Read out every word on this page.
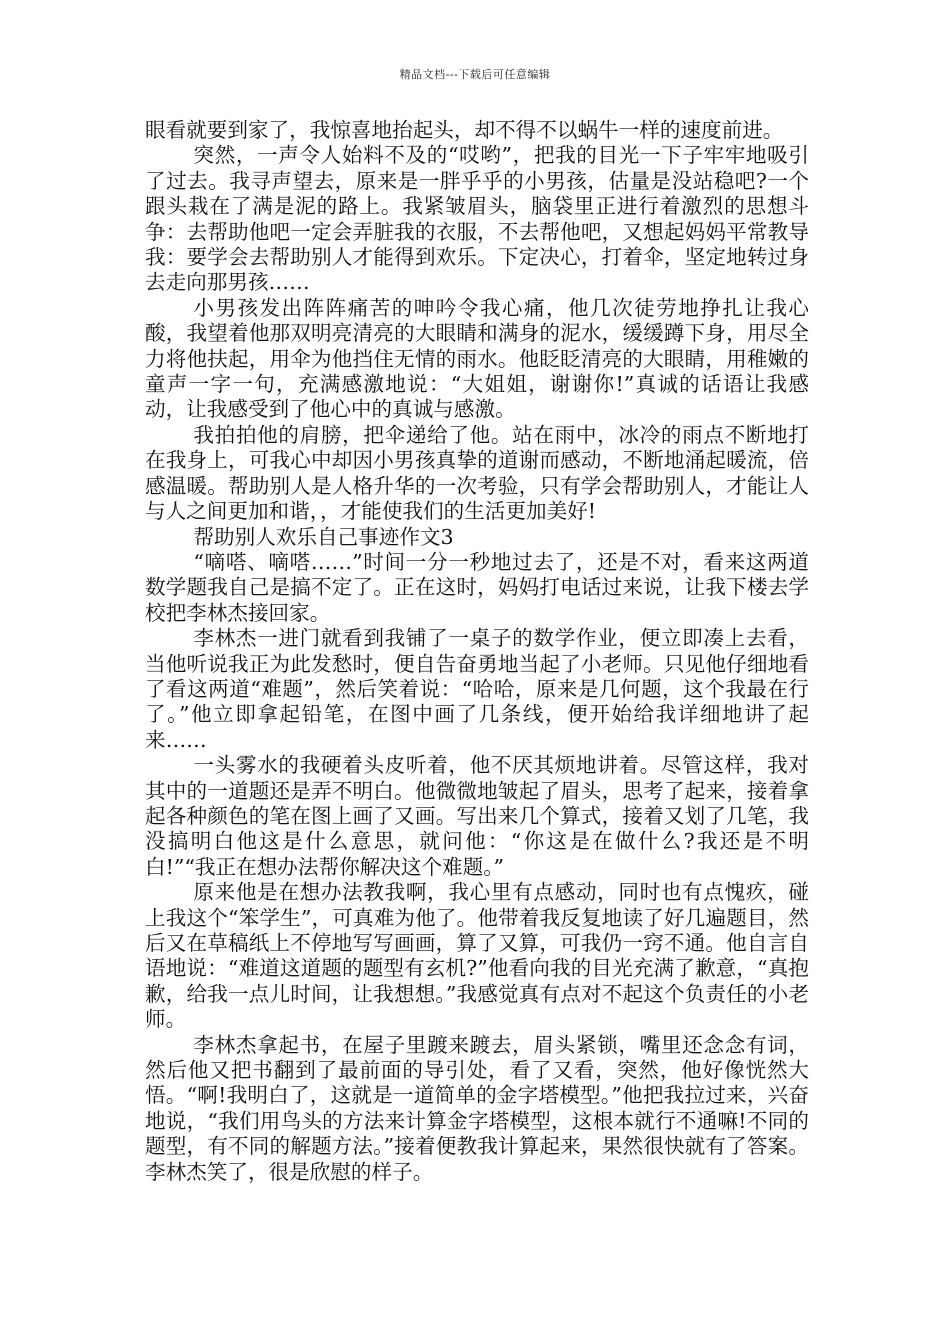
精品文档---下载后可任意编辑

眼看就要到家了，我惊喜地抬起头，却不得不以蜗牛一样的速度前进。

突然，一声令人始料不及的“哎哟”，把我的目光一下子牢牢地吸引了过去。我寻声望去，原来是一胖乎乎的小男孩，估量是没站稳吧?一个跟头栽在了满是泥的路上。我紧皱眉头，脑袋里正进行着激烈的思想斗争：去帮助他吧一定会弄脏我的衣服，不去帮他吧，又想起妈妈平常教导我：要学会去帮助别人才能得到欢乐。下定决心，打着伞，坚定地转过身去走向那男孩……

小男孩发出阵阵痛苦的呻吟令我心痛，他几次徒劳地挣扎让我心酸，我望着他那双明亮清亮的大眼睛和满身的泥水，缓缓蹲下身，用尽全力将他扶起，用伞为他挡住无情的雨水。他眨眨清亮的大眼睛，用稚嫩的童声一字一句，充满感激地说：“大姐姐，谢谢你!”真诚的话语让我感动，让我感受到了他心中的真诚与感激。

我拍拍他的肩膀，把伞递给了他。站在雨中，冰冷的雨点不断地打在我身上，可我心中却因小男孩真挚的道谢而感动，不断地涌起暖流，倍感温暖。帮助别人是人格升华的一次考验，只有学会帮助别人，才能让人与人之间更加和谐，，才能使我们的生活更加美好!

帮助别人欢乐自己事迹作文3

“嘀嗒、嘀嗒……”时间一分一秒地过去了，还是不对，看来这两道数学题我自己是搞不定了。正在这时，妈妈打电话过来说，让我下楼去学校把李林杰接回家。

李林杰一进门就看到我铺了一桌子的数学作业，便立即凑上去看，当他听说我正为此发愁时，便自告奋勇地当起了小老师。只见他仔细地看了看这两道“难题”，然后笑着说：“哈哈，原来是几何题，这个我最在行了。”他立即拿起铅笔，在图中画了几条线，便开始给我详细地讲了起来……

一头雾水的我硬着头皮听着，他不厌其烦地讲着。尽管这样，我对其中的一道题还是弄不明白。他微微地皱起了眉头，思考了起来，接着拿起各种颜色的笔在图上画了又画。写出来几个算式，接着又划了几笔，我没搞明白他这是什么意思，就问他：“你这是在做什么?我还是不明白!”“我正在想办法帮你解决这个难题。”

原来他是在想办法教我啊，我心里有点感动，同时也有点愧疚，碰上我这个“笨学生”，可真难为他了。他带着我反复地读了好几遍题目，然后又在草稿纸上不停地写写画画，算了又算，可我仍一窍不通。他自言自语地说：“难道这道题的题型有玄机?”他看向我的目光充满了歉意，“真抱歉，给我一点儿时间，让我想想。”我感觉真有点对不起这个负责任的小老师。

李林杰拿起书，在屋子里踱来踱去，眉头紧锁，嘴里还念念有词，然后他又把书翻到了最前面的导引处，看了又看，突然，他好像恍然大悟。“啊!我明白了，这就是一道简单的金字塔模型。”他把我拉过来，兴奋地说，“我们用鸟头的方法来计算金字塔模型，这根本就行不通嘛!不同的题型，有不同的解题方法。”接着便教我计算起来，果然很快就有了答案。李林杰笑了，很是欣慰的样子。
